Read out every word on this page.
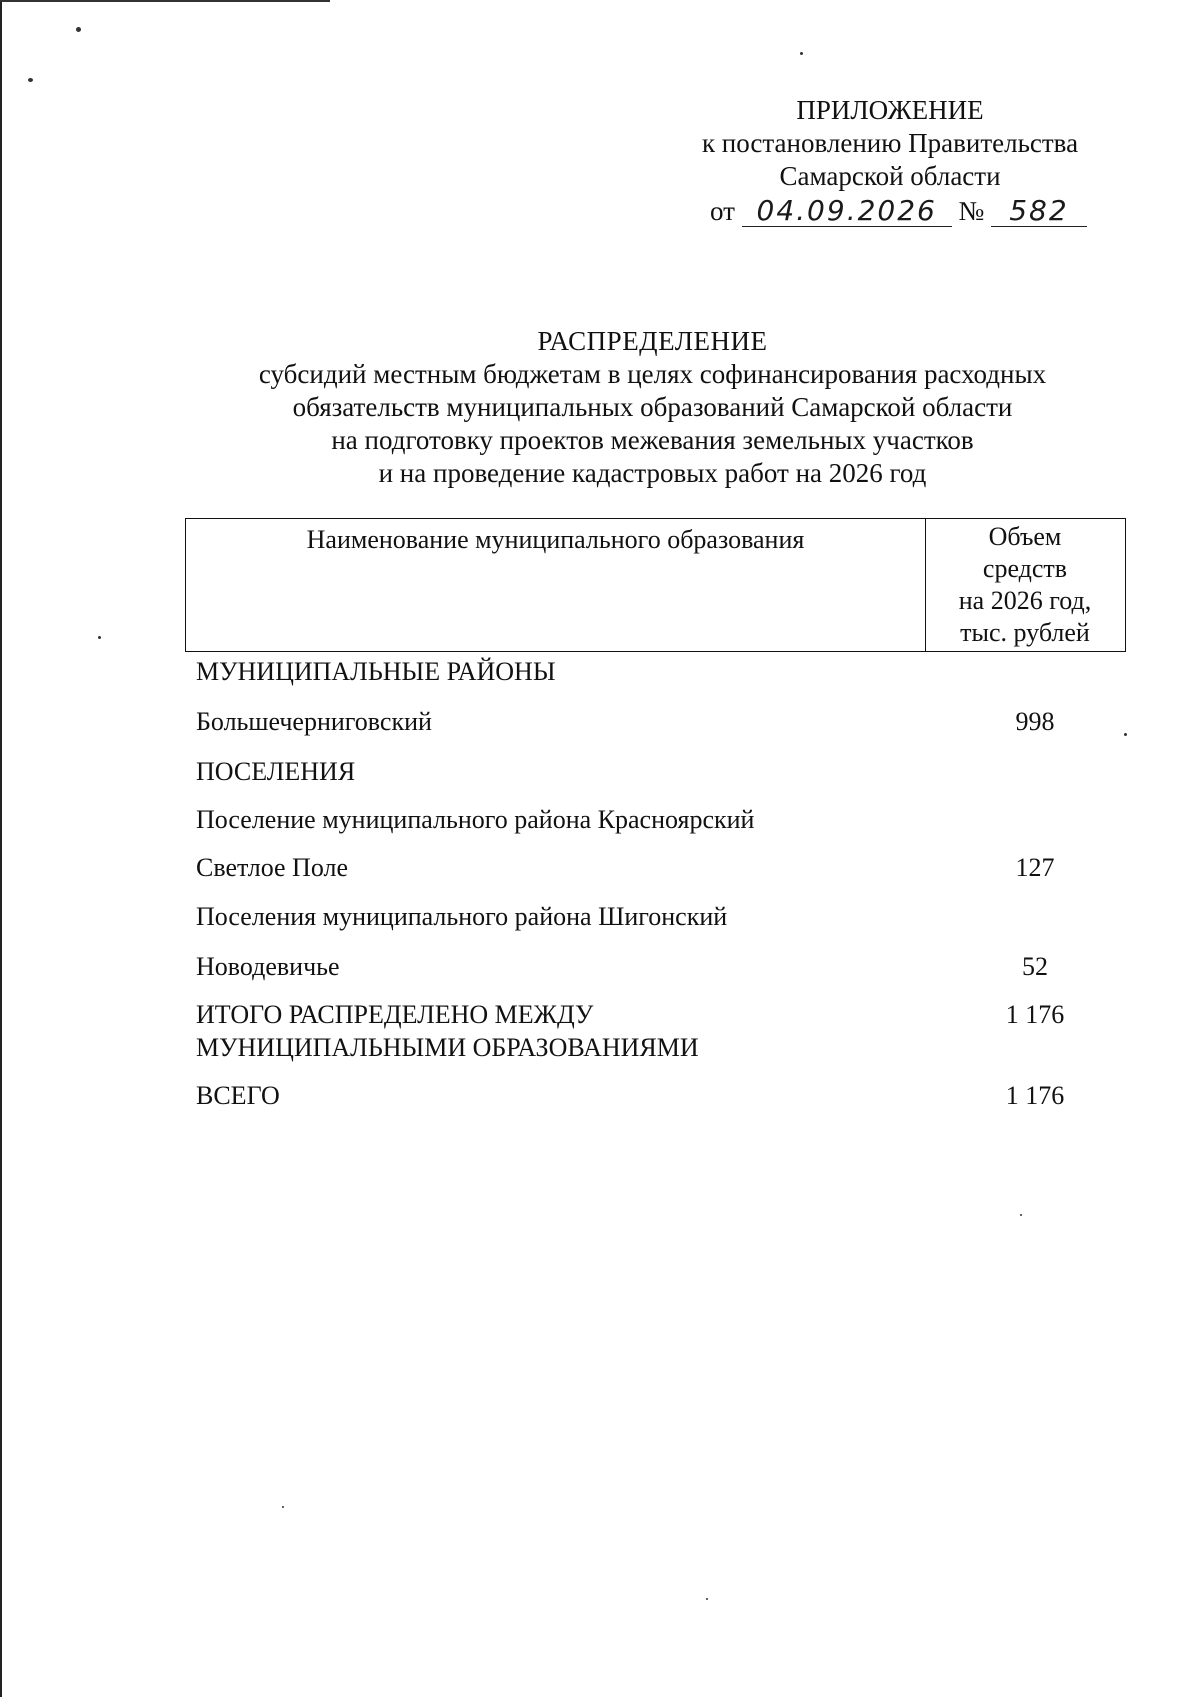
ПРИЛОЖЕНИЕ
к постановлению Правительства
Самарской области
от 04.09.2026 № 582
РАСПРЕДЕЛЕНИЕ
субсидий местным бюджетам в целях софинансирования расходных
обязательств муниципальных образований Самарской области
на подготовку проектов межевания земельных участков
и на проведение кадастровых работ на 2026 год
Наименование муниципального образования	Объем
средств
на 2026 год,
тыс. рублей
МУНИЦИПАЛЬНЫЕ РАЙОНЫ
Большечерниговский	998
ПОСЕЛЕНИЯ
Поселение муниципального района Красноярский
Светлое Поле	127
Поселения муниципального района Шигонский
Новодевичье	52
ИТОГО РАСПРЕДЕЛЕНО МЕЖДУ
МУНИЦИПАЛЬНЫМИ ОБРАЗОВАНИЯМИ
1 176
ВСЕГО	1 176
